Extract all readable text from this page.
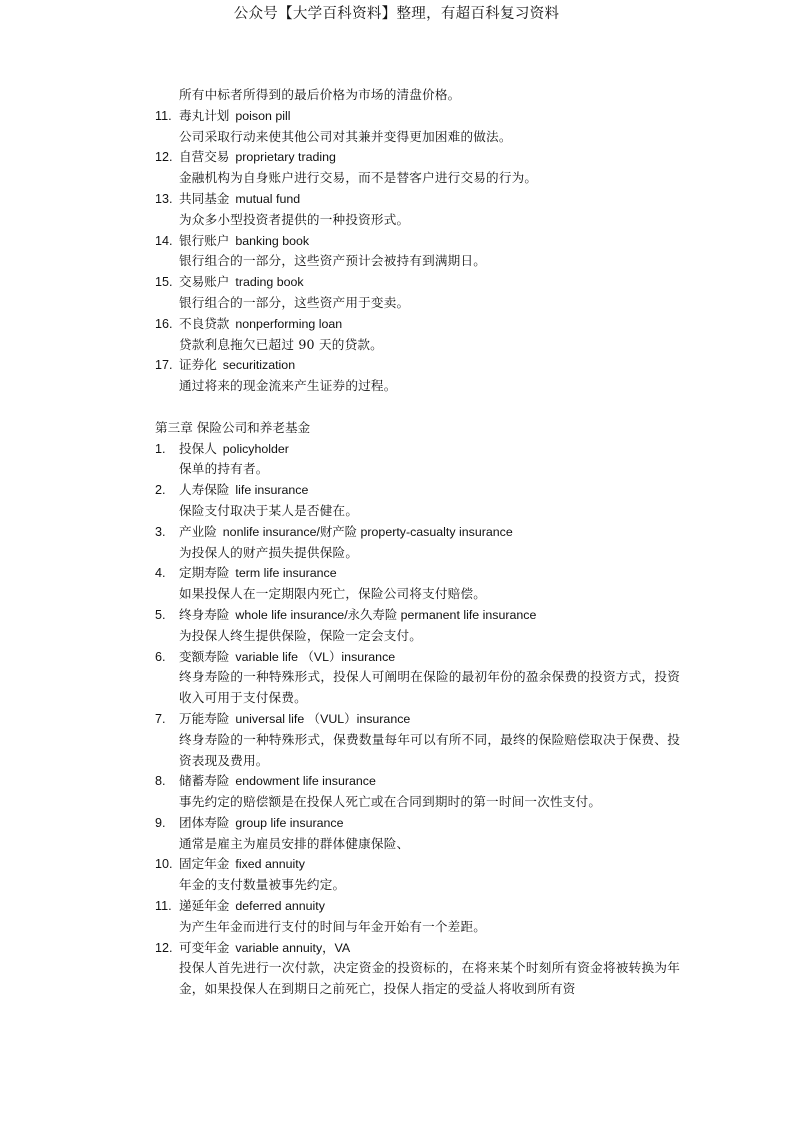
公众号【大学百科资料】整理，有超百科复习资料
所有中标者所得到的最后价格为市场的清盘价格。
11. 毒丸计划 poison pill
公司采取行动来使其他公司对其兼并变得更加困难的做法。
12. 自营交易 proprietary trading
金融机构为自身账户进行交易，而不是替客户进行交易的行为。
13. 共同基金 mutual fund
为众多小型投资者提供的一种投资形式。
14. 银行账户 banking book
银行组合的一部分，这些资产预计会被持有到满期日。
15. 交易账户 trading book
银行组合的一部分，这些资产用于变卖。
16. 不良贷款 nonperforming loan
贷款利息拖欠已超过 90 天的贷款。
17. 证券化 securitization
通过将来的现金流来产生证券的过程。
第三章 保险公司和养老基金
1.	投保人 policyholder
保单的持有者。
2.	人寿保险 life insurance
保险支付取决于某人是否健在。
3.	产业险 nonlife insurance/财产险 property-casualty insurance
为投保人的财产损失提供保险。
4.	定期寿险 term life insurance
如果投保人在一定期限内死亡，保险公司将支付赔偿。
5.	终身寿险 whole life insurance/永久寿险 permanent life insurance
为投保人终生提供保险，保险一定会支付。
6.	变额寿险 variable life （VL）insurance
终身寿险的一种特殊形式，投保人可阐明在保险的最初年份的盈余保费的投资方式，投资收入可用于支付保费。
7.	万能寿险 universal life （VUL）insurance
终身寿险的一种特殊形式，保费数量每年可以有所不同，最终的保险赔偿取决于保费、投资表现及费用。
8.	储蓄寿险 endowment life insurance
事先约定的赔偿额是在投保人死亡或在合同到期时的第一时间一次性支付。
9.	团体寿险 group life insurance
通常是雇主为雇员安排的群体健康保险、
10. 固定年金 fixed annuity
年金的支付数量被事先约定。
11. 递延年金 deferred annuity
为产生年金而进行支付的时间与年金开始有一个差距。
12. 可变年金 variable annuity，VA
投保人首先进行一次付款，决定资金的投资标的，在将来某个时刻所有资金将被转换为年金，如果投保人在到期日之前死亡，投保人指定的受益人将收到所有资
